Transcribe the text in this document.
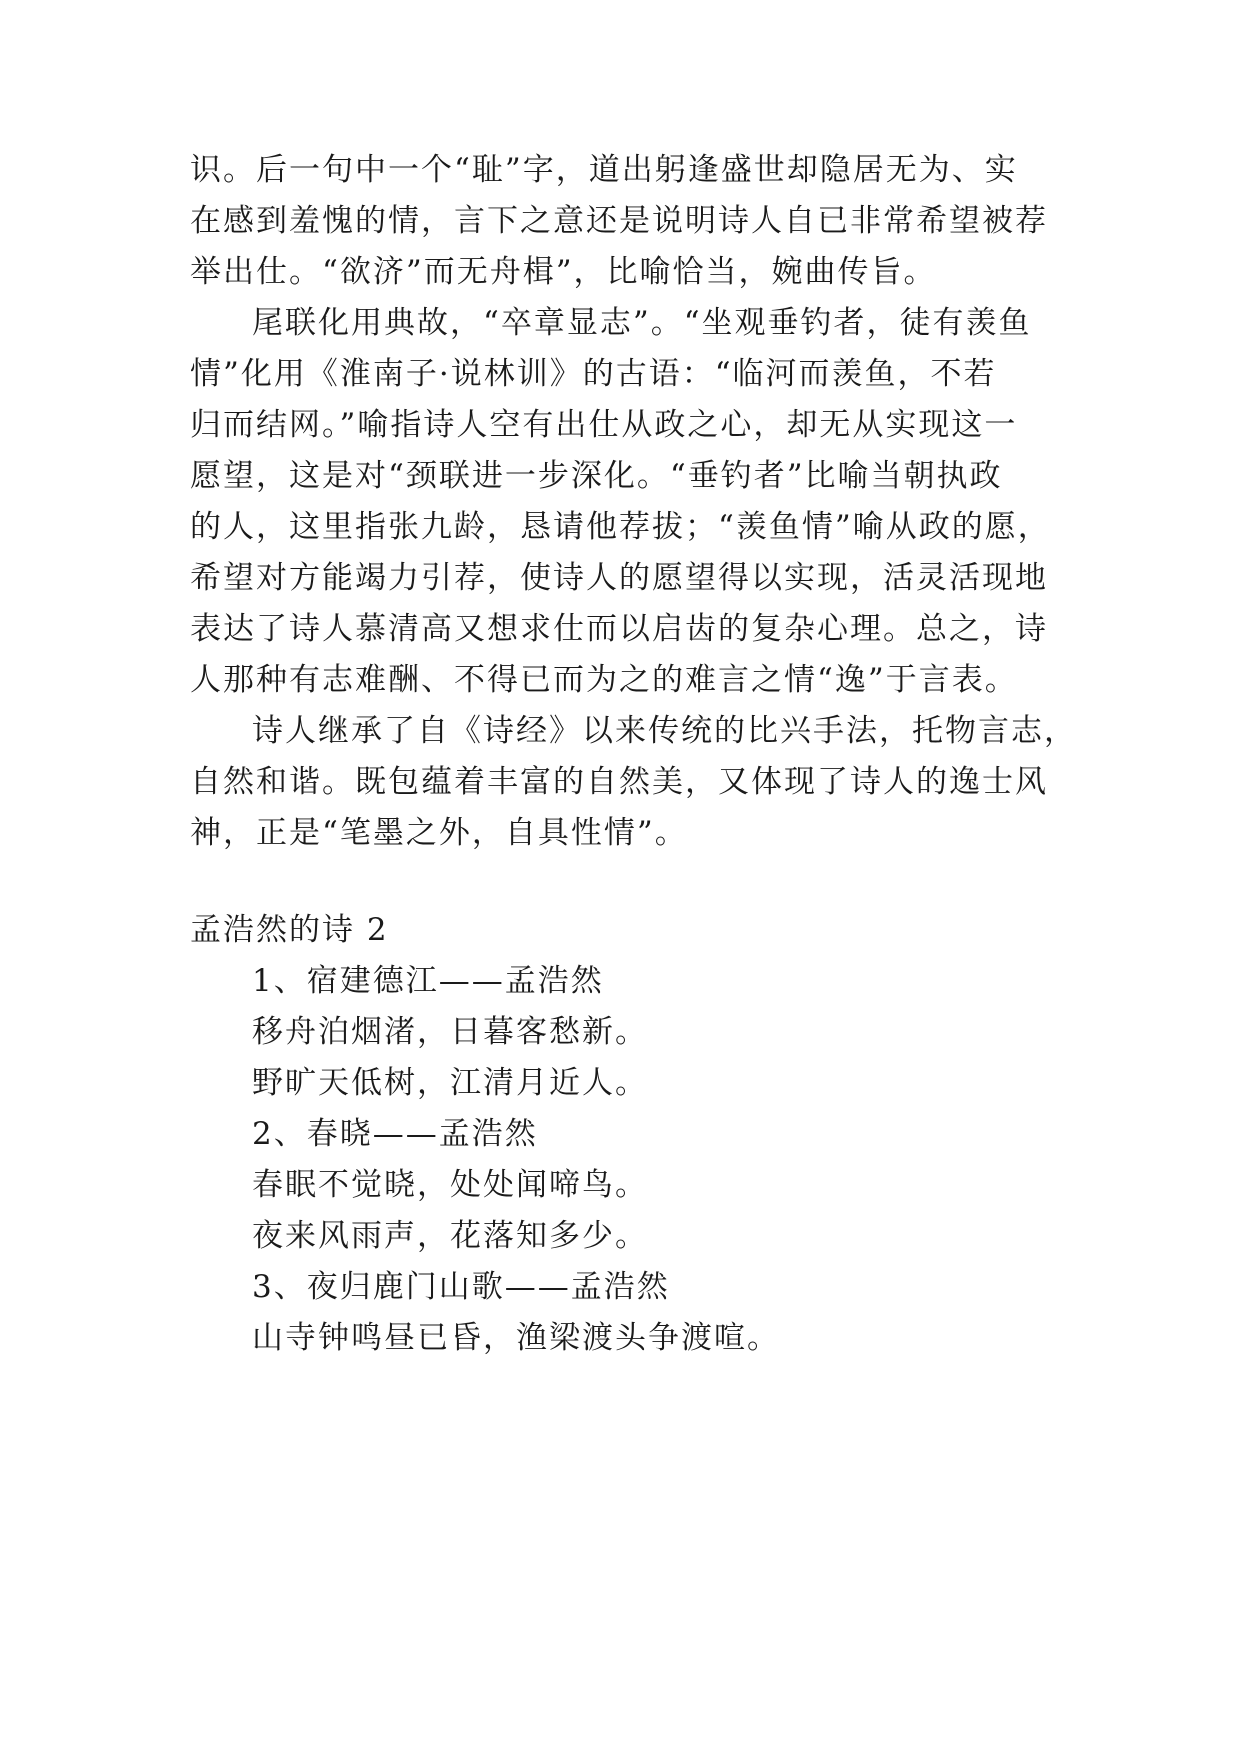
识。后一句中一个“耻”字，道出躬逢盛世却隐居无为、实
在感到羞愧的情，言下之意还是说明诗人自已非常希望被荐
举出仕。“欲济”而无舟楫”，比喻恰当，婉曲传旨。
尾联化用典故，“卒章显志”。“坐观垂钓者，徒有羡鱼
情”化用《淮南子·说林训》的古语：“临河而羡鱼，不若
归而结网。”喻指诗人空有出仕从政之心，却无从实现这一
愿望，这是对“颈联进一步深化。“垂钓者”比喻当朝执政
的人，这里指张九龄，恳请他荐拔；“羡鱼情”喻从政的愿，
希望对方能竭力引荐，使诗人的愿望得以实现，活灵活现地
表达了诗人慕清高又想求仕而以启齿的复杂心理。总之，诗
人那种有志难酬、不得已而为之的难言之情“逸”于言表。
诗人继承了自《诗经》以来传统的比兴手法，托物言志，
自然和谐。既包蕴着丰富的自然美，又体现了诗人的逸士风
神，正是“笔墨之外，自具性情”。
孟浩然的诗 2
1、宿建德江——孟浩然
移舟泊烟渚，日暮客愁新。
野旷天低树，江清月近人。
2、春晓——孟浩然
春眠不觉晓，处处闻啼鸟。
夜来风雨声，花落知多少。
3、夜归鹿门山歌——孟浩然
山寺钟鸣昼已昏，渔梁渡头争渡喧。
